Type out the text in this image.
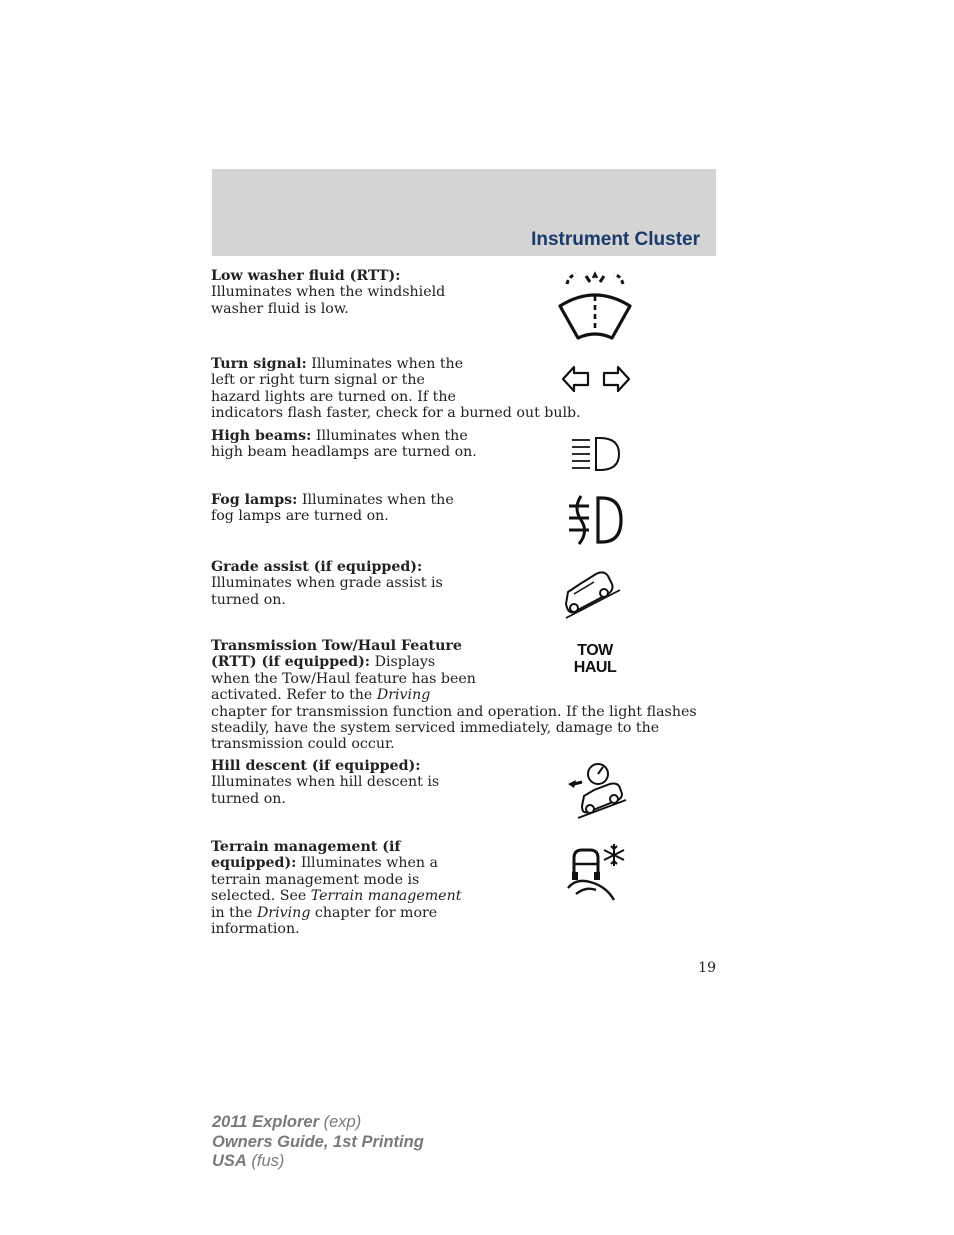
Instrument Cluster
Low washer fluid (RTT):
Illuminates when the windshield
washer fluid is low.
Turn signal: Illuminates when the
left or right turn signal or the
hazard lights are turned on. If the
indicators flash faster, check for a burned out bulb.
High beams: Illuminates when the
high beam headlamps are turned on.
Fog lamps: Illuminates when the
fog lamps are turned on.
Grade assist (if equipped):
Illuminates when grade assist is
turned on.
Transmission Tow/Haul Feature
(RTT) (if equipped): Displays
when the Tow/Haul feature has been
activated. Refer to the Driving
chapter for transmission function and operation. If the light flashes
steadily, have the system serviced immediately, damage to the
transmission could occur.
TOW
HAUL
Hill descent (if equipped):
Illuminates when hill descent is
turned on.
Terrain management (if
equipped): Illuminates when a
terrain management mode is
selected. See Terrain management
in the Driving chapter for more
information.
19
2011 Explorer (exp)
Owners Guide, 1st Printing
USA (fus)
